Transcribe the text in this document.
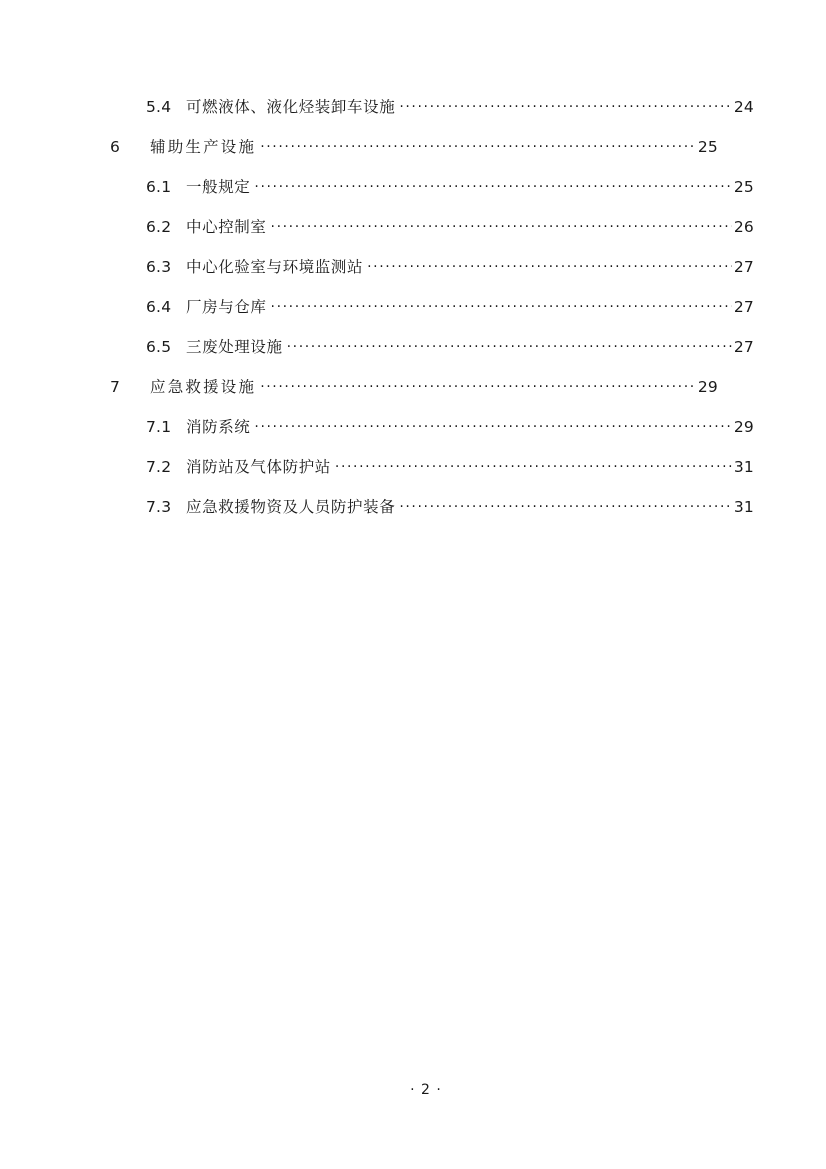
5.4 可燃液体、液化烃装卸车设施 .....	24
6	辅助生产设施 .....	25
6.1 一般规定 .....	25
6.2 中心控制室 .....	26
6.3 中心化验室与环境监测站 .....	27
6.4 厂房与仓库 .....	27
6.5 三废处理设施 .....	27
7	应急救援设施 .....	29
7.1 消防系统 .....	29
7.2 消防站及气体防护站 .....	31
7.3 应急救援物资及人员防护装备 .....	31
· 2 ·
